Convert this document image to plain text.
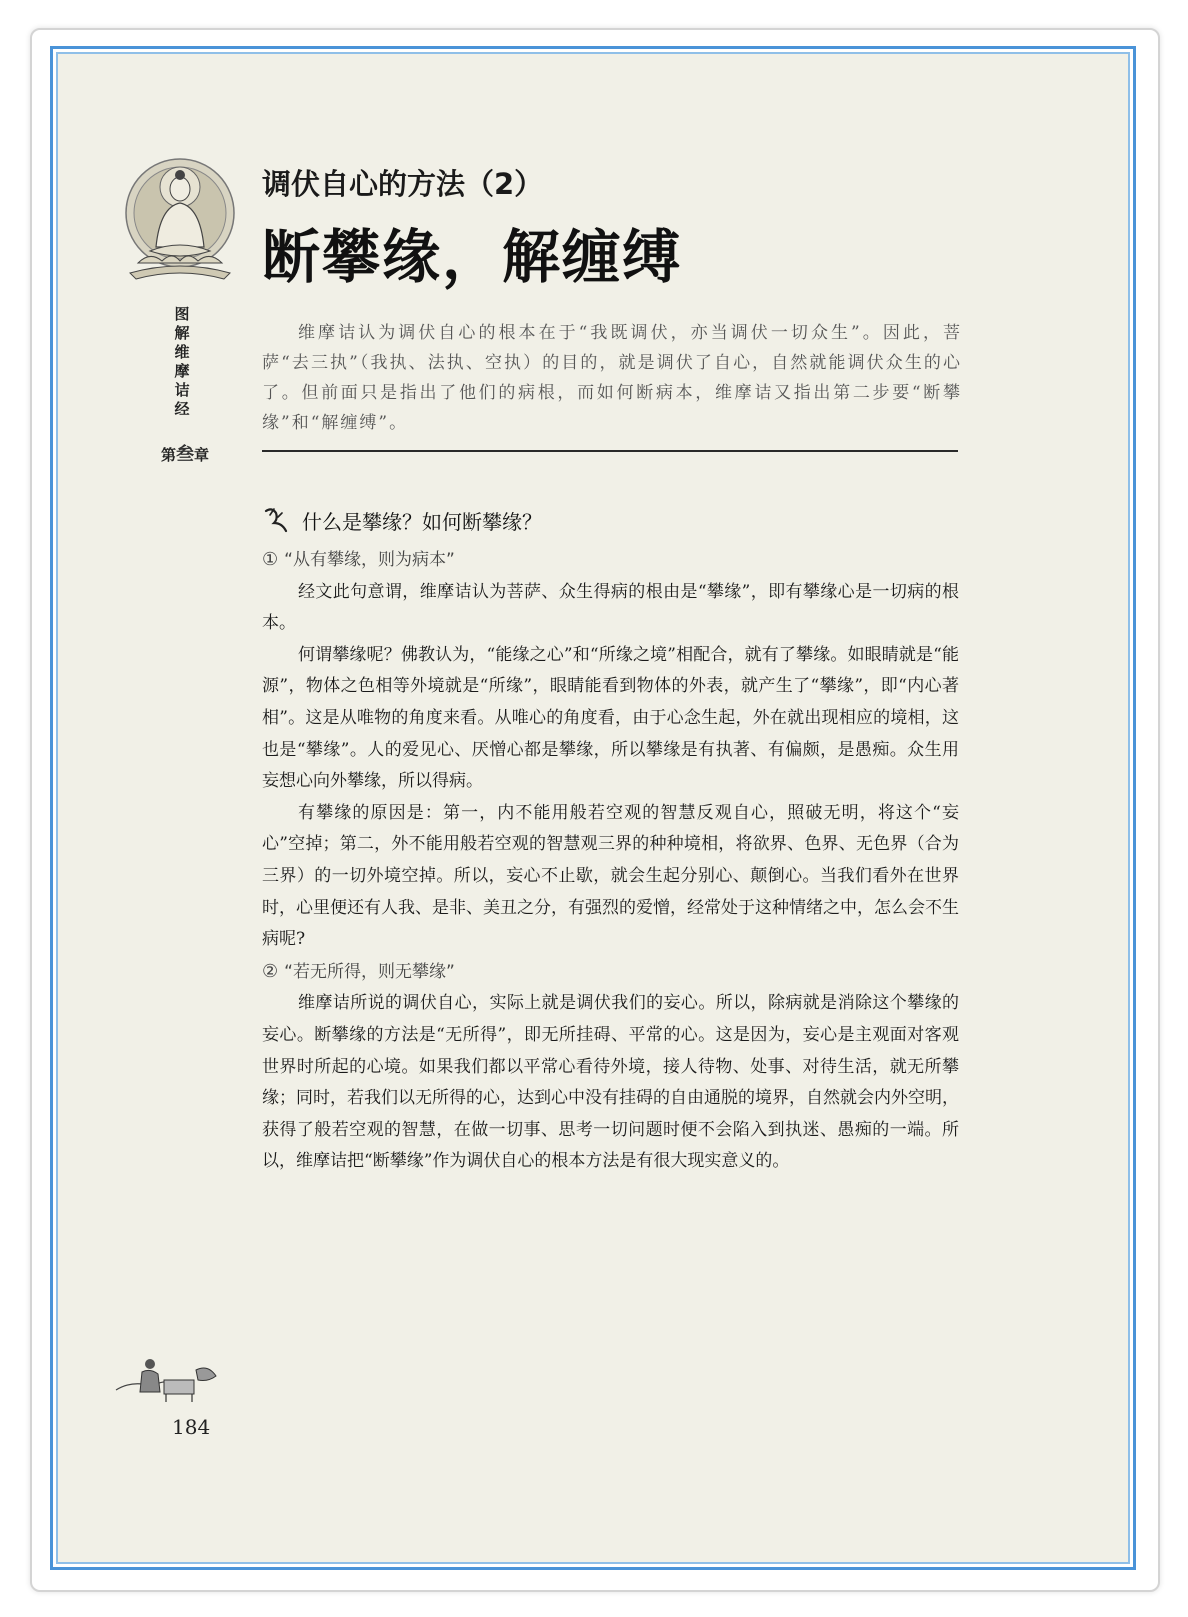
图解维摩诘经
第叁章
调伏自心的方法（2）
断攀缘，解缠缚

维摩诘认为调伏自心的根本在于“我既调伏，亦当调伏一切众生”。因此，菩萨“去三执”（我执、法执、空执）的目的，就是调伏了自心，自然就能调伏众生的心了。但前面只是指出了他们的病根，而如何断病本，维摩诘又指出第二步要“断攀缘”和“解缠缚”。

什么是攀缘？如何断攀缘？

① “从有攀缘，则为病本”

经文此句意谓，维摩诘认为菩萨、众生得病的根由是“攀缘”，即有攀缘心是一切病的根本。

何谓攀缘呢？佛教认为，“能缘之心”和“所缘之境”相配合，就有了攀缘。如眼睛就是“能源”，物体之色相等外境就是“所缘”，眼睛能看到物体的外表，就产生了“攀缘”，即“内心著相”。这是从唯物的角度来看。从唯心的角度看，由于心念生起，外在就出现相应的境相，这也是“攀缘”。人的爱见心、厌憎心都是攀缘，所以攀缘是有执著、有偏颇，是愚痴。众生用妄想心向外攀缘，所以得病。

有攀缘的原因是：第一，内不能用般若空观的智慧反观自心，照破无明，将这个“妄心”空掉；第二，外不能用般若空观的智慧观三界的种种境相，将欲界、色界、无色界（合为三界）的一切外境空掉。所以，妄心不止歇，就会生起分别心、颠倒心。当我们看外在世界时，心里便还有人我、是非、美丑之分，有强烈的爱憎，经常处于这种情绪之中，怎么会不生病呢?

② “若无所得，则无攀缘”

维摩诘所说的调伏自心，实际上就是调伏我们的妄心。所以，除病就是消除这个攀缘的妄心。断攀缘的方法是“无所得”，即无所挂碍、平常的心。这是因为，妄心是主观面对客观世界时所起的心境。如果我们都以平常心看待外境，接人待物、处事、对待生活，就无所攀缘；同时，若我们以无所得的心，达到心中没有挂碍的自由通脱的境界，自然就会内外空明，获得了般若空观的智慧，在做一切事、思考一切问题时便不会陷入到执迷、愚痴的一端。所以，维摩诘把“断攀缘”作为调伏自心的根本方法是有很大现实意义的。

184
